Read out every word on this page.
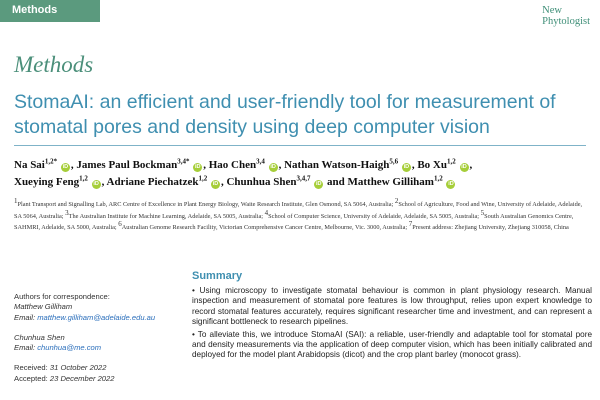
Methods	New
Phytologist
Methods
StomaAI: an efficient and user-friendly tool for measurement of stomatal pores and density using deep computer vision
Na Sai$^{1,2*}$ iD , James Paul Bockman$^{3,4*}$ iD , Hao Chen$^{3,4}$ iD , Nathan Watson-Haigh$^{5,6}$ iD , Bo Xu$^{1,2}$ iD ,
Xueying Feng$^{1,2}$ iD , Adriane Piechatzek$^{1,2}$ iD , Chunhua Shen$^{3,4,7}$ iD and Matthew Gilliham$^{1,2}$ iD
$^1$Plant Transport and Signalling Lab, ARC Centre of Excellence in Plant Energy Biology, Waite Research Institute, Glen Osmond, SA 5064, Australia; $^2$School of Agriculture, Food and Wine, University of Adelaide, Adelaide, SA 5064, Australia; $^3$The Australian Institute for Machine Learning, Adelaide, SA 5005, Australia; $^4$School of Computer Science, University of Adelaide, Adelaide, SA 5005, Australia; $^5$South Australian Genomics Centre, SAHMRI, Adelaide, SA 5000, Australia; $^6$Australian Genome Research Facility, Victorian Comprehensive Cancer Centre, Melbourne, Vic. 3000, Australia; $^7$Present address: Zhejiang University, Zhejiang 310058, China
Authors for correspondence:
Matthew Gilliham
Email: matthew.gilliham@adelaide.edu.au
Chunhua Shen
Email: chunhua@me.com
Received: 31 October 2022
Accepted: 23 December 2022
Summary

• Using microscopy to investigate stomatal behaviour is common in plant physiology research. Manual inspection and measurement of stomatal pore features is low throughput, relies upon expert knowledge to record stomatal features accurately, requires significant researcher time and investment, and can represent a significant bottleneck to research pipelines.

• To alleviate this, we introduce StomaAI (SAI): a reliable, user-friendly and adaptable tool for stomatal pore and density measurements via the application of deep computer vision, which has been initially calibrated and deployed for the model plant Arabidopsis (dicot) and the crop plant barley (monocot grass).
